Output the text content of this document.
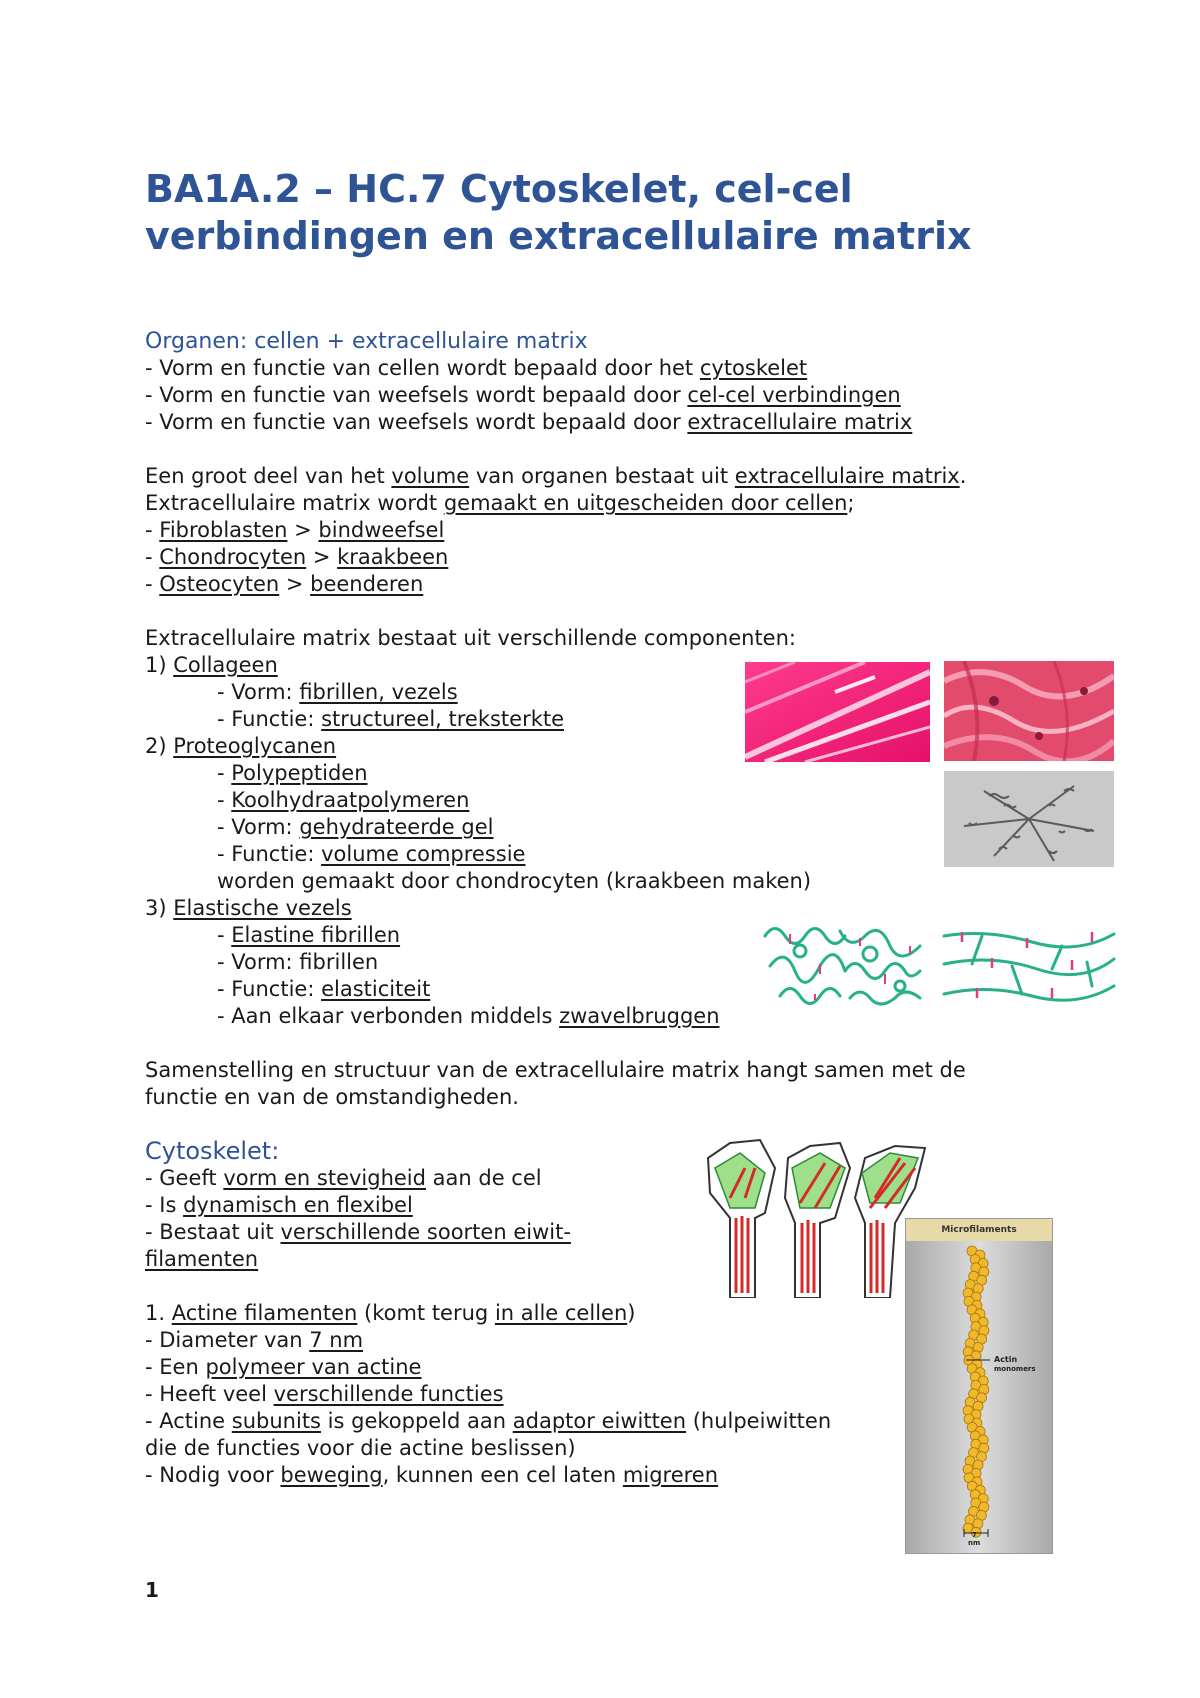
BA1A.2 – HC.7 Cytoskelet, cel-cel
verbindingen en extracellulaire matrix
Organen: cellen + extracellulaire matrix
- Vorm en functie van cellen wordt bepaald door het cytoskelet
- Vorm en functie van weefsels wordt bepaald door cel-cel verbindingen
- Vorm en functie van weefsels wordt bepaald door extracellulaire matrix
Een groot deel van het volume van organen bestaat uit extracellulaire matrix.
Extracellulaire matrix wordt gemaakt en uitgescheiden door cellen;
- Fibroblasten > bindweefsel
- Chondrocyten > kraakbeen
- Osteocyten > beenderen
Extracellulaire matrix bestaat uit verschillende componenten:
1) Collageen
- Vorm: fibrillen, vezels
- Functie: structureel, treksterkte
2) Proteoglycanen
- Polypeptiden
- Koolhydraatpolymeren
- Vorm: gehydrateerde gel
- Functie: volume compressie
worden gemaakt door chondrocyten (kraakbeen maken)
3) Elastische vezels
- Elastine fibrillen
- Vorm: fibrillen
- Functie: elasticiteit
- Aan elkaar verbonden middels zwavelbruggen
Samenstelling en structuur van de extracellulaire matrix hangt samen met de
functie en van de omstandigheden.
Cytoskelet:
- Geeft vorm en stevigheid aan de cel
- Is dynamisch en flexibel
- Bestaat uit verschillende soorten eiwit-
filamenten
1. Actine filamenten (komt terug in alle cellen)
- Diameter van 7 nm
- Een polymeer van actine
- Heeft veel verschillende functies
- Actine subunits is gekoppeld aan adaptor eiwitten (hulpeiwitten
die de functies voor die actine beslissen)
- Nodig voor beweging, kunnen een cel laten migreren
Microfilaments
Actin
monomers
7
nm
1
